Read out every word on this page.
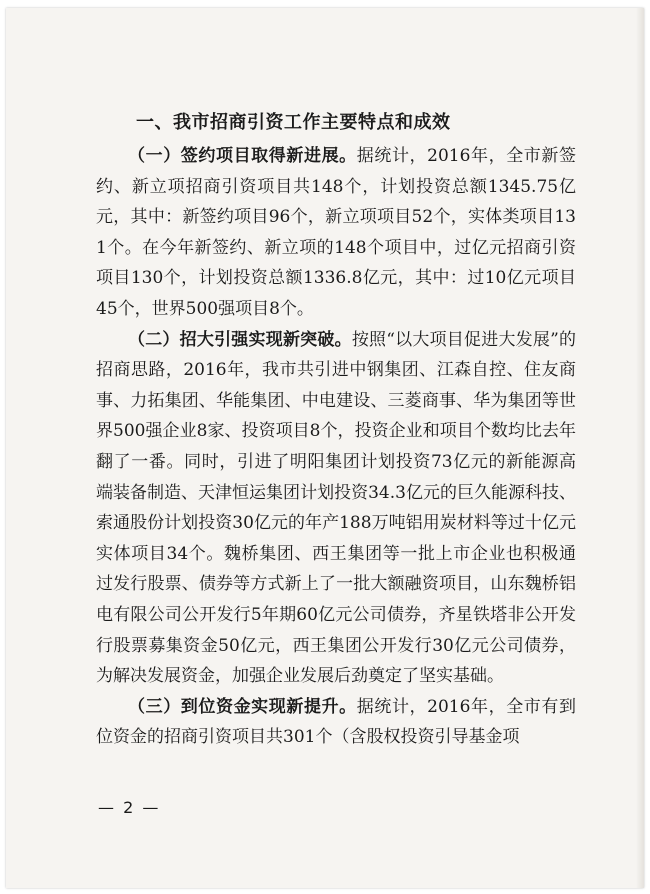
一、我市招商引资工作主要特点和成效

（一）签约项目取得新进展。据统计，2016年，全市新签约、新立项招商引资项目共148个，计划投资总额1345.75亿元，其中：新签约项目96个，新立项项目52个，实体类项目131个。在今年新签约、新立项的148个项目中，过亿元招商引资项目130个，计划投资总额1336.8亿元，其中：过10亿元项目45个，世界500强项目8个。

（二）招大引强实现新突破。按照“以大项目促进大发展”的招商思路，2016年，我市共引进中钢集团、江森自控、住友商事、力拓集团、华能集团、中电建设、三菱商事、华为集团等世界500强企业8家、投资项目8个，投资企业和项目个数均比去年翻了一番。同时，引进了明阳集团计划投资73亿元的新能源高端装备制造、天津恒运集团计划投资34.3亿元的巨久能源科技、索通股份计划投资30亿元的年产188万吨铝用炭材料等过十亿元实体项目34个。魏桥集团、西王集团等一批上市企业也积极通过发行股票、债券等方式新上了一批大额融资项目，山东魏桥铝电有限公司公开发行5年期60亿元公司债券，齐星铁塔非公开发行股票募集资金50亿元，西王集团公开发行30亿元公司债券，为解决发展资金，加强企业发展后劲奠定了坚实基础。

（三）到位资金实现新提升。据统计，2016年，全市有到位资金的招商引资项目共301个（含股权投资引导基金项

— 2 —
